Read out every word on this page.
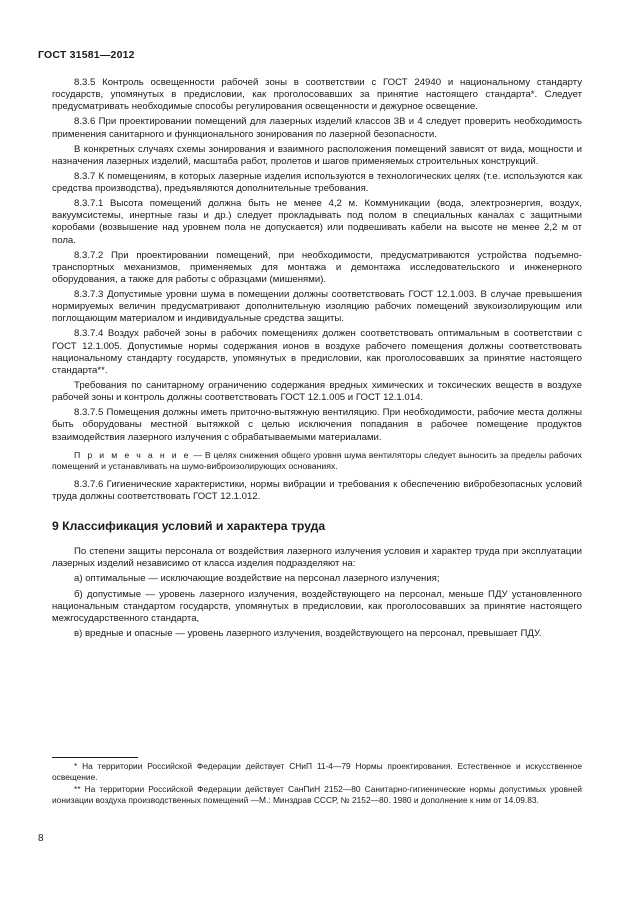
ГОСТ 31581—2012

8.3.5 Контроль освещенности рабочей зоны в соответствии с ГОСТ 24940 и национальному стандарту государств, упомянутых в предисловии, как проголосовавших за принятие настоящего стандарта*. Следует предусматривать необходимые способы регулирования освещенности и дежурное освещение.

8.3.6 При проектировании помещений для лазерных изделий классов 3В и 4 следует проверить необходимость применения санитарного и функционального зонирования по лазерной безопасности.

В конкретных случаях схемы зонирования и взаимного расположения помещений зависят от вида, мощности и назначения лазерных изделий, масштаба работ, пролетов и шагов применяемых строительных конструкций.

8.3.7 К помещениям, в которых лазерные изделия используются в технологических целях (т.е. используются как средства производства), предъявляются дополнительные требования.

8.3.7.1 Высота помещений должна быть не менее 4,2 м. Коммуникации (вода, электроэнергия, воздух, вакуумсистемы, инертные газы и др.) следует прокладывать под полом в специальных каналах с защитными коробами (возвышение над уровнем пола не допускается) или подвешивать кабели на высоте не менее 2,2 м от пола.

8.3.7.2 При проектировании помещений, при необходимости, предусматриваются устройства подъемно-транспортных механизмов, применяемых для монтажа и демонтажа исследовательского и инженерного оборудования, а также для работы с образцами (мишенями).

8.3.7.3 Допустимые уровни шума в помещении должны соответствовать ГОСТ 12.1.003. В случае превышения нормируемых величин предусматривают дополнительную изоляцию рабочих помещений звукоизолирующим или поглощающим материалом и индивидуальные средства защиты.

8.3.7.4 Воздух рабочей зоны в рабочих помещениях должен соответствовать оптимальным в соответствии с ГОСТ 12.1.005. Допустимые нормы содержания ионов в воздухе рабочего помещения должны соответствовать национальному стандарту государств, упомянутых в предисловии, как проголосовавших за принятие настоящего стандарта**.

Требования по санитарному ограничению содержания вредных химических и токсических веществ в воздухе рабочей зоны и контроль должны соответствовать ГОСТ 12.1.005 и ГОСТ 12.1.014.

8.3.7.5 Помещения должны иметь приточно-вытяжную вентиляцию. При необходимости, рабочие места должны быть оборудованы местной вытяжкой с целью исключения попадания в рабочее помещение продуктов взаимодействия лазерного излучения с обрабатываемыми материалами.

П р и м е ч а н и е — В целях снижения общего уровня шума вентиляторы следует выносить за пределы рабочих помещений и устанавливать на шумо-виброизолирующих основаниях.

8.3.7.6 Гигиенические характеристики, нормы вибрации и требования к обеспечению вибробезопасных условий труда должны соответствовать ГОСТ 12.1.012.

9 Классификация условий и характера труда

По степени защиты персонала от воздействия лазерного излучения условия и характер труда при эксплуатации лазерных изделий независимо от класса изделия подразделяют на:

а) оптимальные — исключающие воздействие на персонал лазерного излучения;

б) допустимые — уровень лазерного излучения, воздействующего на персонал, меньше ПДУ установленного национальным стандартом государств, упомянутых в предисловии, как проголосовавших за принятие настоящего межгосударственного стандарта,

в) вредные и опасные — уровень лазерного излучения, воздействующего на персонал, превышает ПДУ.

* На территории Российской Федерации действует СНиП 11-4—79 Нормы проектирования. Естественное и искусственное освещение.

** На территории Российской Федерации действует СанПиН 2152—80 Санитарно-гигиенические нормы допустимых уровней ионизации воздуха производственных помещений —М.: Минздрав СССР, № 2152—80. 1980 и дополнение к ним от 14.09.83.

8
